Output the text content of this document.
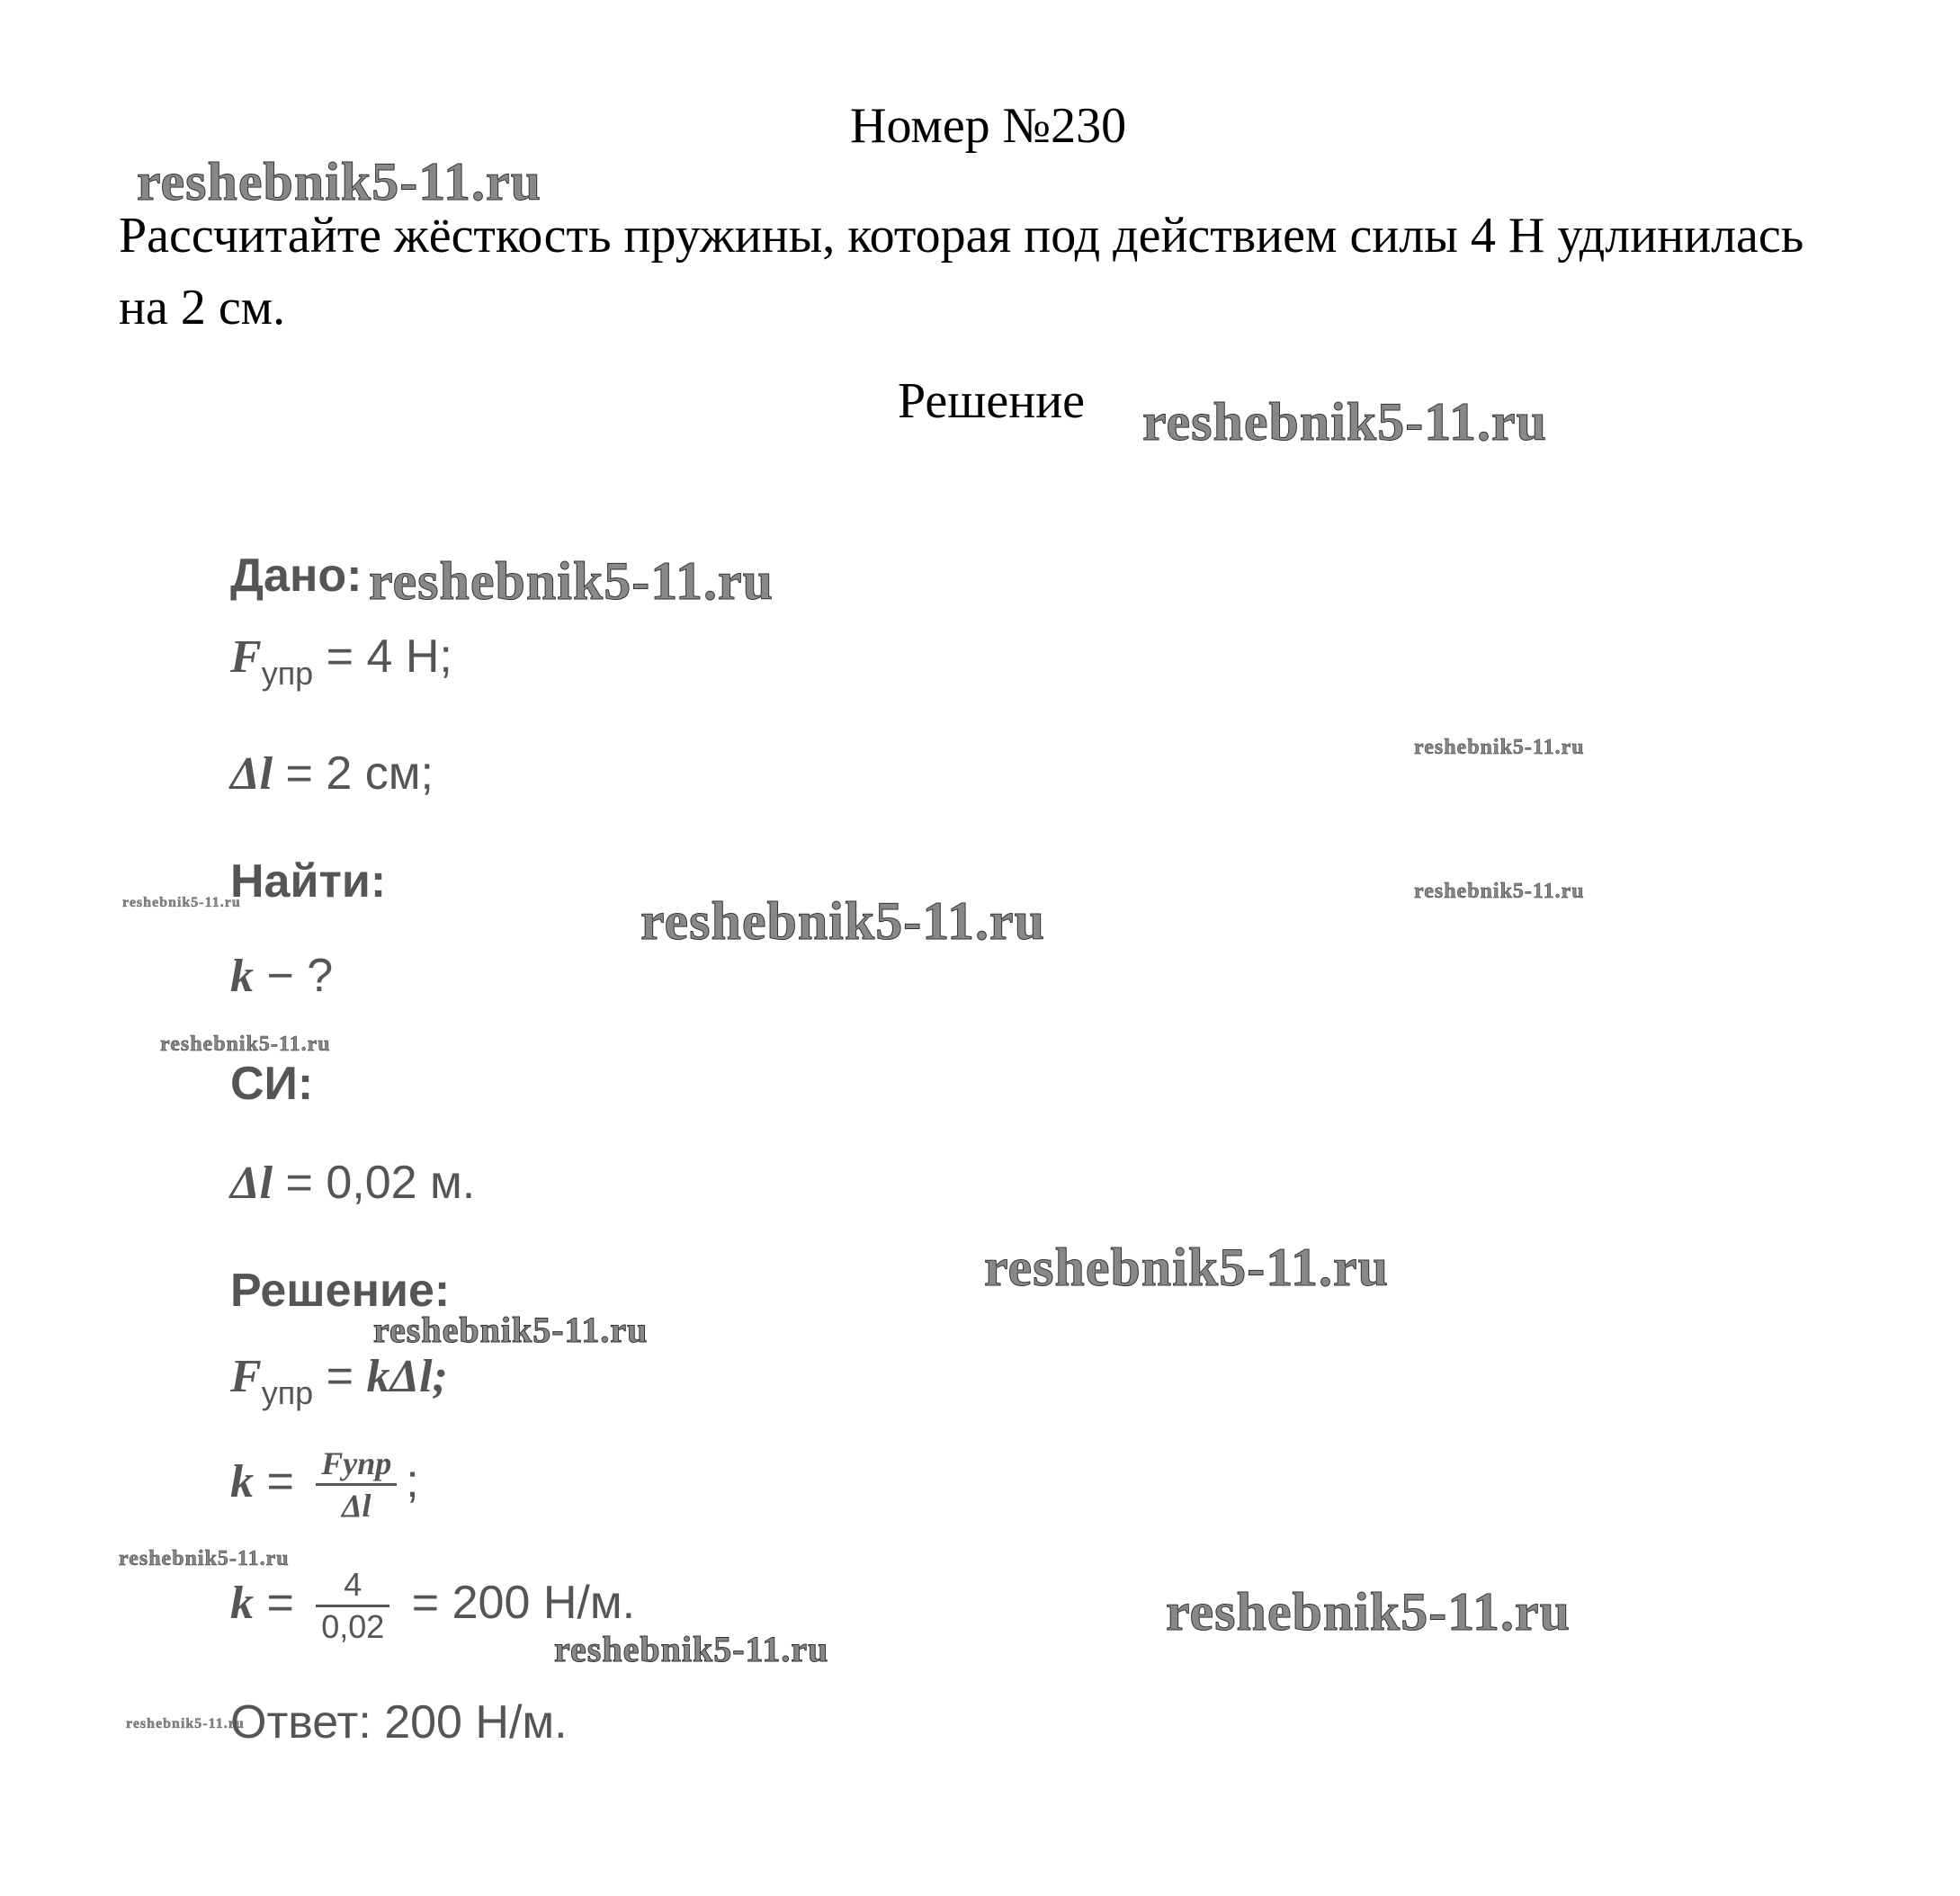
Номер №230
Рассчитайте жёсткость пружины, которая под действием силы 4 Н удлинилась на 2 см.
Решение
Дано:
$F_{упр} = 4$ Н;
Δl = 2 см;
Найти:
k − ?
СИ:
Δl = 0,02 м.
Решение:
$F_{упр} = k\Delta l$;
$k = \frac{\text{Fупр}}{\Delta l}$ ;
$k = \frac{4}{0,02} = 200$ Н/м.
Ответ: 200 Н/м.
reshebnik5-11.ru
reshebnik5-11.ru
reshebnik5-11.ru
reshebnik5-11.ru
reshebnik5-11.ru	reshebnik5-11.ru
reshebnik5-11.ru
reshebnik5-11.ru
reshebnik5-11.ru
reshebnik5-11.ru
reshebnik5-11.ru
reshebnik5-11.ru
reshebnik5-11.ru
reshebnik5-11.ru
